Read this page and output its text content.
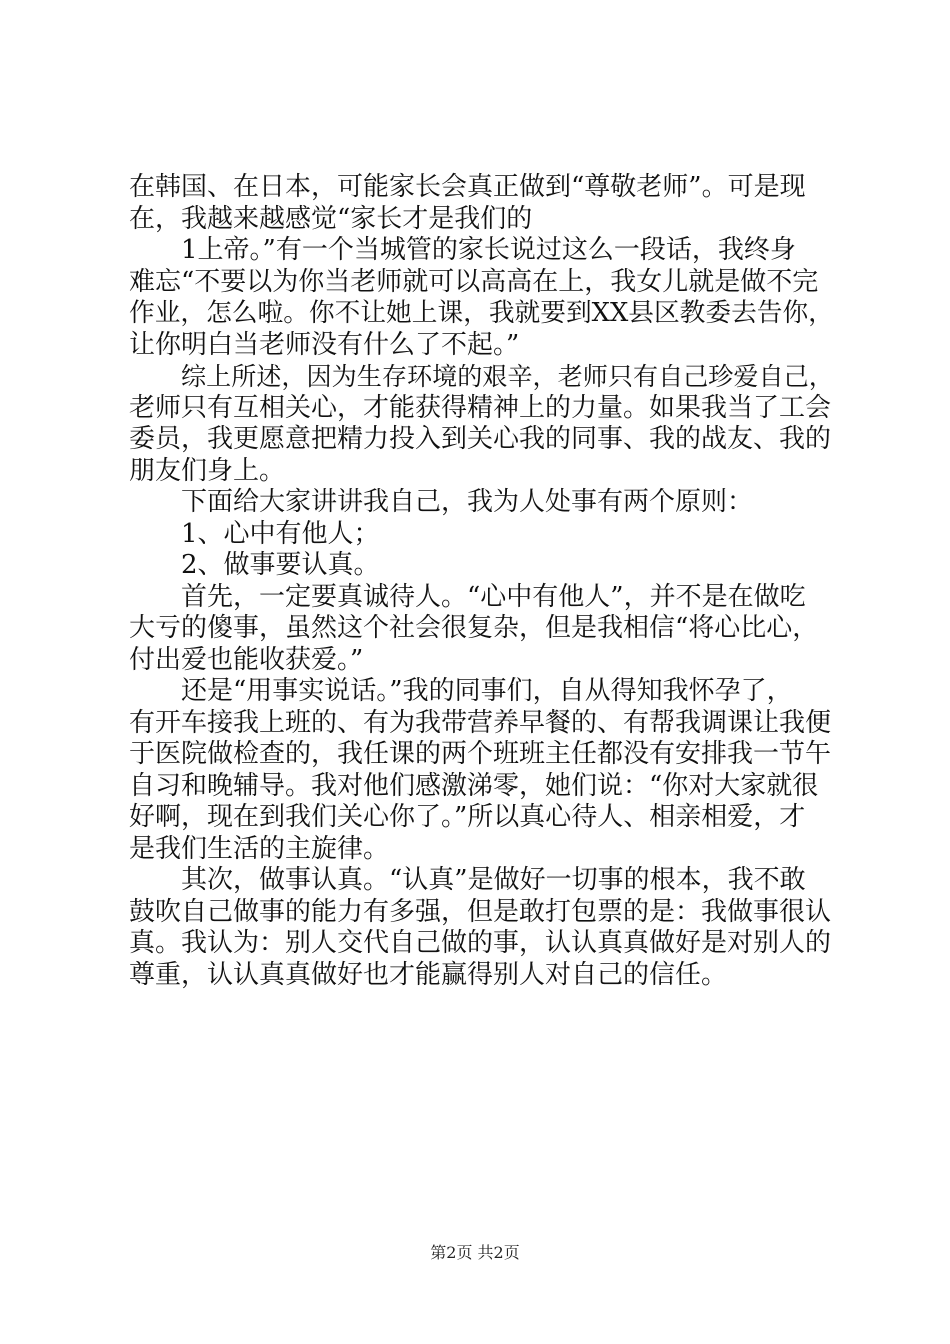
在韩国、在日本，可能家长会真正做到“尊敬老师”。可是现
在，我越来越感觉“家长才是我们的
1上帝。”有一个当城管的家长说过这么一段话，我终身
难忘“不要以为你当老师就可以高高在上，我女儿就是做不完
作业，怎么啦。你不让她上课，我就要到XX县区教委去告你，
让你明白当老师没有什么了不起。”
综上所述，因为生存环境的艰辛，老师只有自己珍爱自己，
老师只有互相关心，才能获得精神上的力量。如果我当了工会
委员，我更愿意把精力投入到关心我的同事、我的战友、我的
朋友们身上。
下面给大家讲讲我自己，我为人处事有两个原则：
1、心中有他人；
2、做事要认真。
首先，一定要真诚待人。“心中有他人”，并不是在做吃
大亏的傻事，虽然这个社会很复杂，但是我相信“将心比心，
付出爱也能收获爱。”
还是“用事实说话。”我的同事们，自从得知我怀孕了，
有开车接我上班的、有为我带营养早餐的、有帮我调课让我便
于医院做检查的，我任课的两个班班主任都没有安排我一节午
自习和晚辅导。我对他们感激涕零，她们说：“你对大家就很
好啊，现在到我们关心你了。”所以真心待人、相亲相爱，才
是我们生活的主旋律。
其次，做事认真。“认真”是做好一切事的根本，我不敢
鼓吹自己做事的能力有多强，但是敢打包票的是：我做事很认
真。我认为：别人交代自己做的事，认认真真做好是对别人的
尊重，认认真真做好也才能赢得别人对自己的信任。
第2页 共2页
